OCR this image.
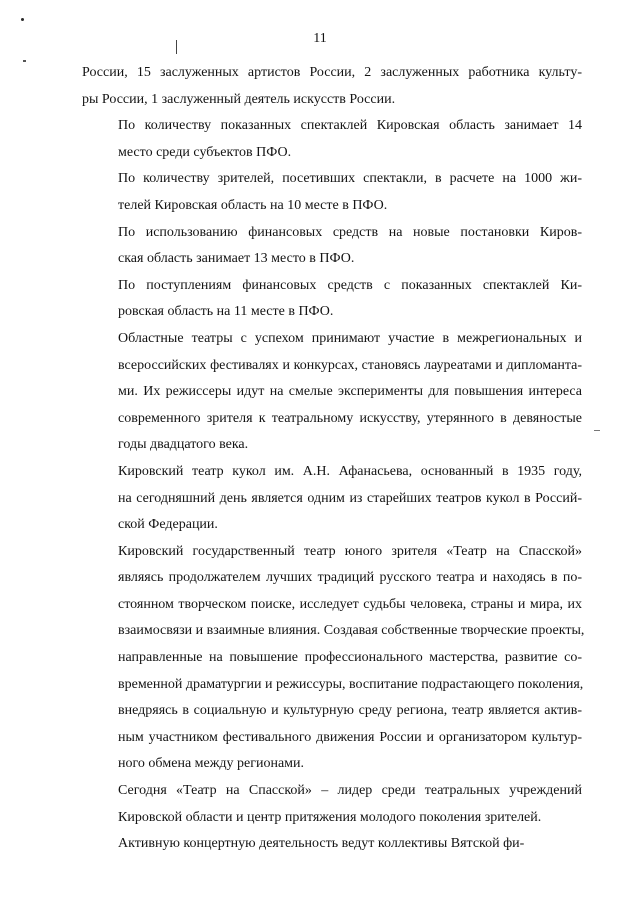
11

России, 15 заслуженных артистов России, 2 заслуженных работника культу-
ры России, 1 заслуженный деятель искусств России.

По количеству показанных спектаклей Кировская область занимает 14
место среди субъектов ПФО.

По количеству зрителей, посетивших спектакли, в расчете на 1000 жи-
телей Кировская область на 10 месте в ПФО.

По использованию финансовых средств на новые постановки Киров-
ская область занимает 13 место в ПФО.

По поступлениям финансовых средств с показанных спектаклей Ки-
ровская область на 11 месте в ПФО.

Областные театры с успехом принимают участие в межрегиональных и
всероссийских фестивалях и конкурсах, становясь лауреатами и дипломанта-
ми. Их режиссеры идут на смелые эксперименты для повышения интереса
современного зрителя к театральному искусству, утерянного в девяностые
годы двадцатого века.

Кировский театр кукол им. А.Н. Афанасьева, основанный в 1935 году,
на сегодняшний день является одним из старейших театров кукол в Россий-
ской Федерации.

Кировский государственный театр юного зрителя «Театр на Спасской»
являясь продолжателем лучших традиций русского театра и находясь в по-
стоянном творческом поиске, исследует судьбы человека, страны и мира, их
взаимосвязи и взаимные влияния. Создавая собственные творческие проекты,
направленные на повышение профессионального мастерства, развитие со-
временной драматургии и режиссуры, воспитание подрастающего поколения,
внедряясь в социальную и культурную среду региона, театр является актив-
ным участником фестивального движения России и организатором культур-
ного обмена между регионами.

Сегодня «Театр на Спасской» – лидер среди театральных учреждений
Кировской области и центр притяжения молодого поколения зрителей.

Активную концертную деятельность ведут коллективы Вятской фи-
